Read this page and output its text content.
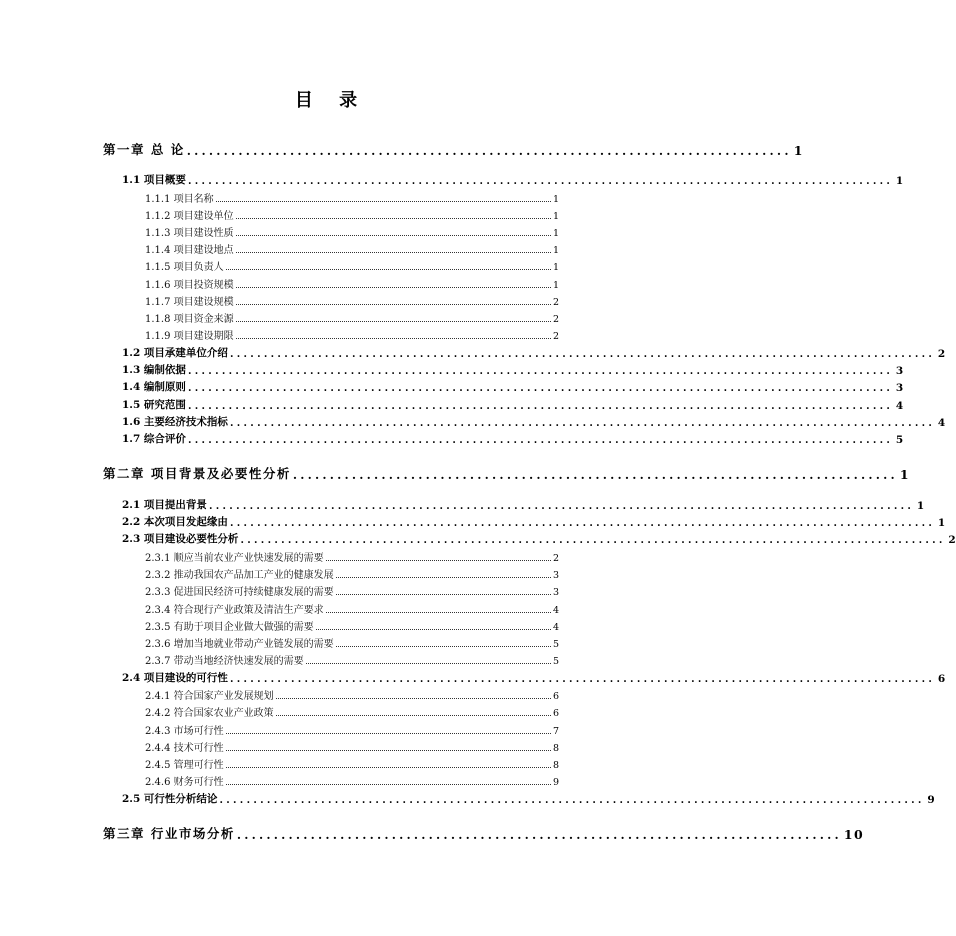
目 录
第一章 总 论 .................................................................................. 1
1.1 项目概要 ........................................................................................................ 1
1.1.1 项目名称	1
1.1.2 项目建设单位	1
1.1.3 项目建设性质	1
1.1.4 项目建设地点	1
1.1.5 项目负责人	1
1.1.6 项目投资规模	1
1.1.7 项目建设规模	2
1.1.8 项目资金来源	2
1.1.9 项目建设期限	2
1.2 项目承建单位介绍 ........................................................................................................ 2
1.3 编制依据 ........................................................................................................ 3
1.4 编制原则 ........................................................................................................ 3
1.5 研究范围 ........................................................................................................ 4
1.6 主要经济技术指标 ........................................................................................................ 4
1.7 综合评价 ........................................................................................................ 5
第二章 项目背景及必要性分析 .................................................................................. 1
2.1 项目提出背景 ........................................................................................................ 1
2.2 本次项目发起缘由 ........................................................................................................ 1
2.3 项目建设必要性分析 ........................................................................................................ 2
2.3.1 顺应当前农业产业快速发展的需要	2
2.3.2 推动我国农产品加工产业的健康发展	3
2.3.3 促进国民经济可持续健康发展的需要	3
2.3.4 符合现行产业政策及清洁生产要求	4
2.3.5 有助于项目企业做大做强的需要	4
2.3.6 增加当地就业带动产业链发展的需要	5
2.3.7 带动当地经济快速发展的需要	5
2.4 项目建设的可行性 ........................................................................................................ 6
2.4.1 符合国家产业发展规划	6
2.4.2 符合国家农业产业政策	6
2.4.3 市场可行性	7
2.4.4 技术可行性	8
2.4.5 管理可行性	8
2.4.6 财务可行性	9
2.5 可行性分析结论 ........................................................................................................ 9
第三章 行业市场分析 .................................................................................. 10
